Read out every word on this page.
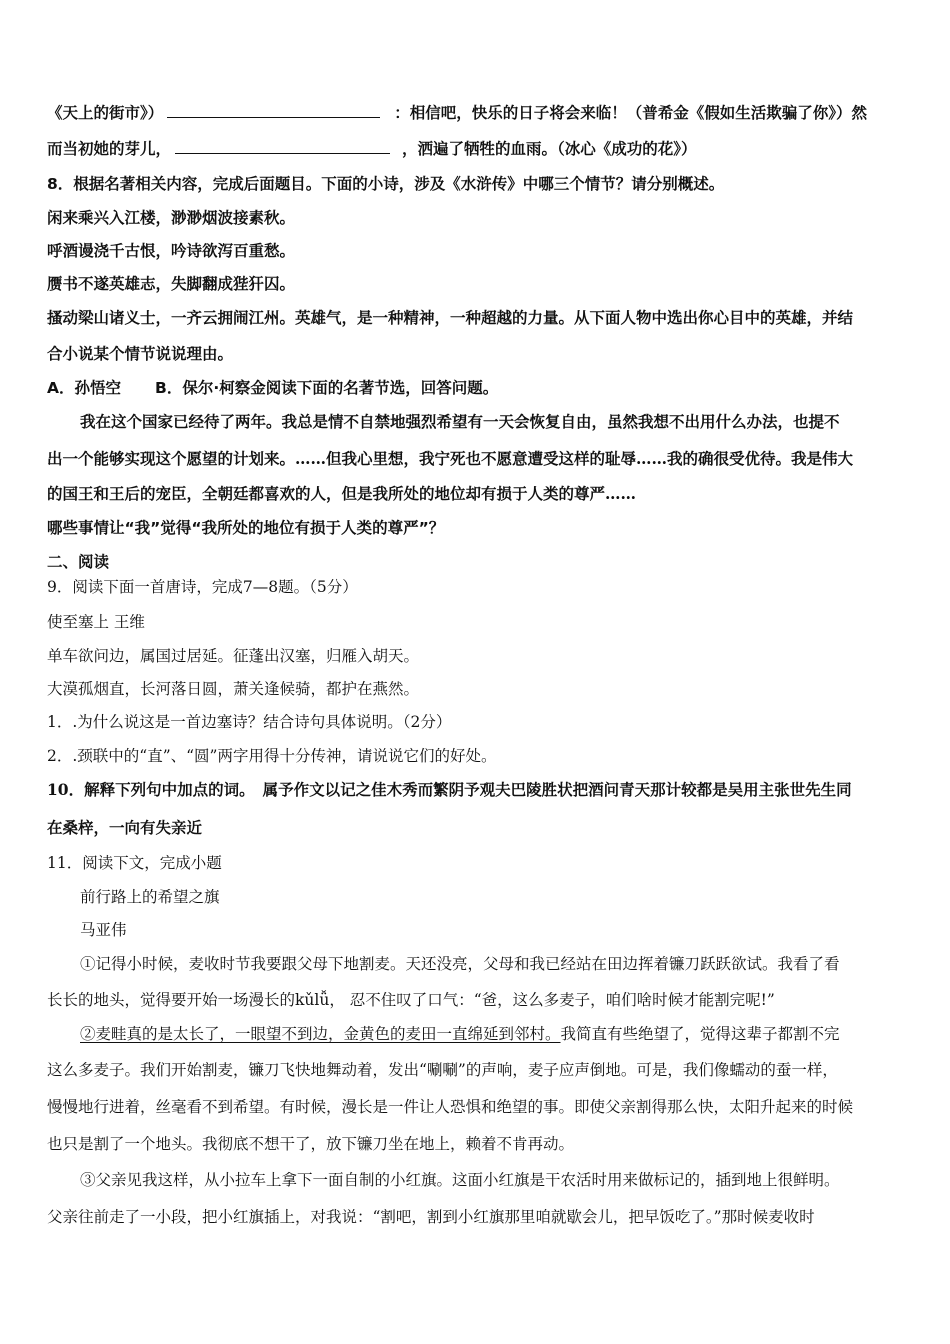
《天上的街市》）	：相信吧，快乐的日子将会来临！（普希金《假如生活欺骗了你》）然
而当初她的芽儿，	，洒遍了牺牲的血雨。（冰心《成功的花》）
8．根据名著相关内容，完成后面题目。下面的小诗，涉及《水浒传》中哪三个情节？请分别概述。
闲来乘兴入江楼，渺渺烟波接素秋。
呼酒谩浇千古恨，吟诗欲泻百重愁。
赝书不遂英雄志，失脚翻成狴犴囚。
搔动梁山诸义士，一齐云拥闹江州。英雄气，是一种精神，一种超越的力量。从下面人物中选出你心目中的英雄，并结
合小说某个情节说说理由。
A．孙悟空 B．保尔·柯察金阅读下面的名著节选，回答问题。
我在这个国家已经待了两年。我总是情不自禁地强烈希望有一天会恢复自由，虽然我想不出用什么办法，也提不
出一个能够实现这个愿望的计划来。……但我心里想，我宁死也不愿意遭受这样的耻辱……我的确很受优待。我是伟大
的国王和王后的宠臣，全朝廷都喜欢的人，但是我所处的地位却有损于人类的尊严……
哪些事情让“我”觉得“我所处的地位有损于人类的尊严”？
二、阅读
9．阅读下面一首唐诗，完成7—8题。（5分）
使至塞上 王维
单车欲问边，属国过居延。征蓬出汉塞，归雁入胡天。
大漠孤烟直，长河落日圆，萧关逢候骑，都护在燕然。
1．.为什么说这是一首边塞诗？结合诗句具体说明。（2分）
2．.颈联中的“直”、“圆”两字用得十分传神，请说说它们的好处。
10．解释下列句中加点的词。 属予作文以记之佳木秀而繁阴予观夫巴陵胜状把酒问青天那计较都是吴用主张世先生同
在桑梓，一向有失亲近
11．阅读下文，完成小题
前行路上的希望之旗
马亚伟
①记得小时候，麦收时节我要跟父母下地割麦。天还没亮，父母和我已经站在田边挥着镰刀跃跃欲试。我看了看
长长的地头，觉得要开始一场漫长的kǔlǚ， 忍不住叹了口气：“爸，这么多麦子，咱们啥时候才能割完呢!”
②麦畦真的是太长了，一眼望不到边，金黄色的麦田一直绵延到邻村。我简直有些绝望了，觉得这辈子都割不完
这么多麦子。我们开始割麦，镰刀飞快地舞动着，发出“唰唰”的声响，麦子应声倒地。可是，我们像蠕动的蚕一样，
慢慢地行进着，丝毫看不到希望。有时候，漫长是一件让人恐惧和绝望的事。即使父亲割得那么快，太阳升起来的时候
也只是割了一个地头。我彻底不想干了，放下镰刀坐在地上，赖着不肯再动。
③父亲见我这样，从小拉车上拿下一面自制的小红旗。这面小红旗是干农活时用来做标记的，插到地上很鲜明。
父亲往前走了一小段，把小红旗插上，对我说：“割吧，割到小红旗那里咱就歇会儿，把早饭吃了。”那时候麦收时
